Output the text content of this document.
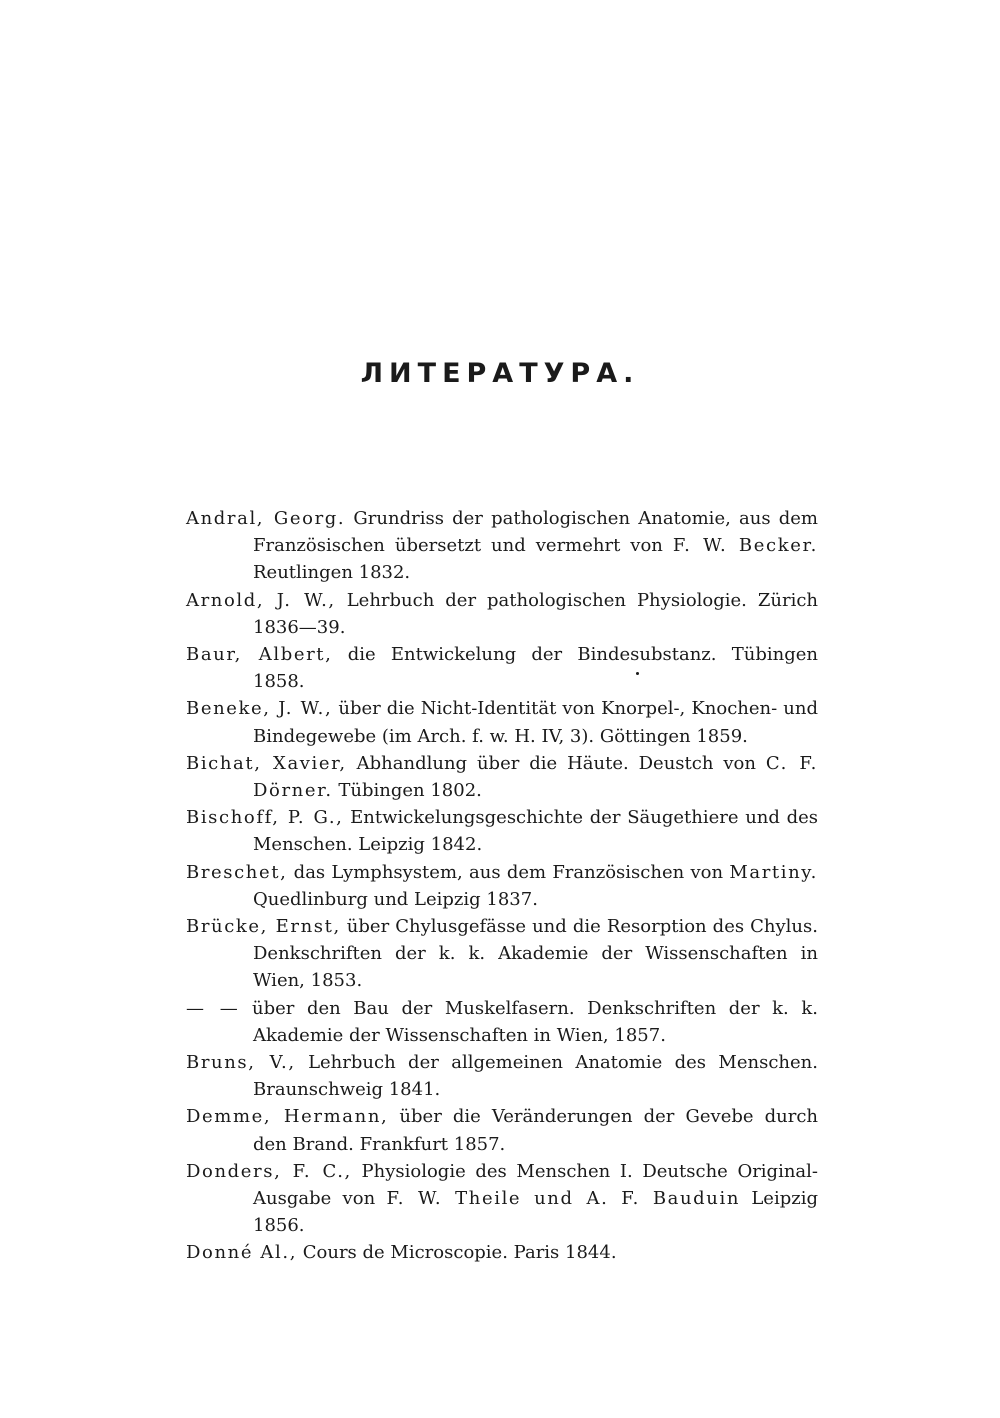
ЛИТЕРАТУРА.
Andral, Georg. Grundriss der pathologischen Anatomie, aus dem Französischen übersetzt und vermehrt von F. W. Becker. Reutlingen 1832.
Arnold, J. W., Lehrbuch der pathologischen Physiologie. Zürich 1836—39.
Baur, Albert, die Entwickelung der Bindesubstanz. Tübingen 1858.
Beneke, J. W., über die Nicht-Identität von Knorpel-, Knochen- und Bindegewebe (im Arch. f. w. H. IV, 3). Göttingen 1859.
Bichat, Xavier, Abhandlung über die Häute. Deustch von C. F. Dörner. Tübingen 1802.
Bischoff, P. G., Entwickelungsgeschichte der Säugethiere und des Menschen. Leipzig 1842.
Breschet, das Lymphsystem, aus dem Französischen von Martiny. Quedlinburg und Leipzig 1837.
Brücke, Ernst, über Chylusgefässe und die Resorption des Chylus. Denkschriften der k. k. Akademie der Wissenschaften in Wien, 1853.
— — über den Bau der Muskelfasern. Denkschriften der k. k. Akademie der Wissenschaften in Wien, 1857.
Bruns, V., Lehrbuch der allgemeinen Anatomie des Menschen. Braunschweig 1841.
Demme, Hermann, über die Veränderungen der Gevebe durch den Brand. Frankfurt 1857.
Donders, F. C., Physiologie des Menschen I. Deutsche Original-Ausgabe von F. W. Theile und A. F. Bauduin Leipzig 1856.
Donné Al., Cours de Microscopie. Paris 1844.
